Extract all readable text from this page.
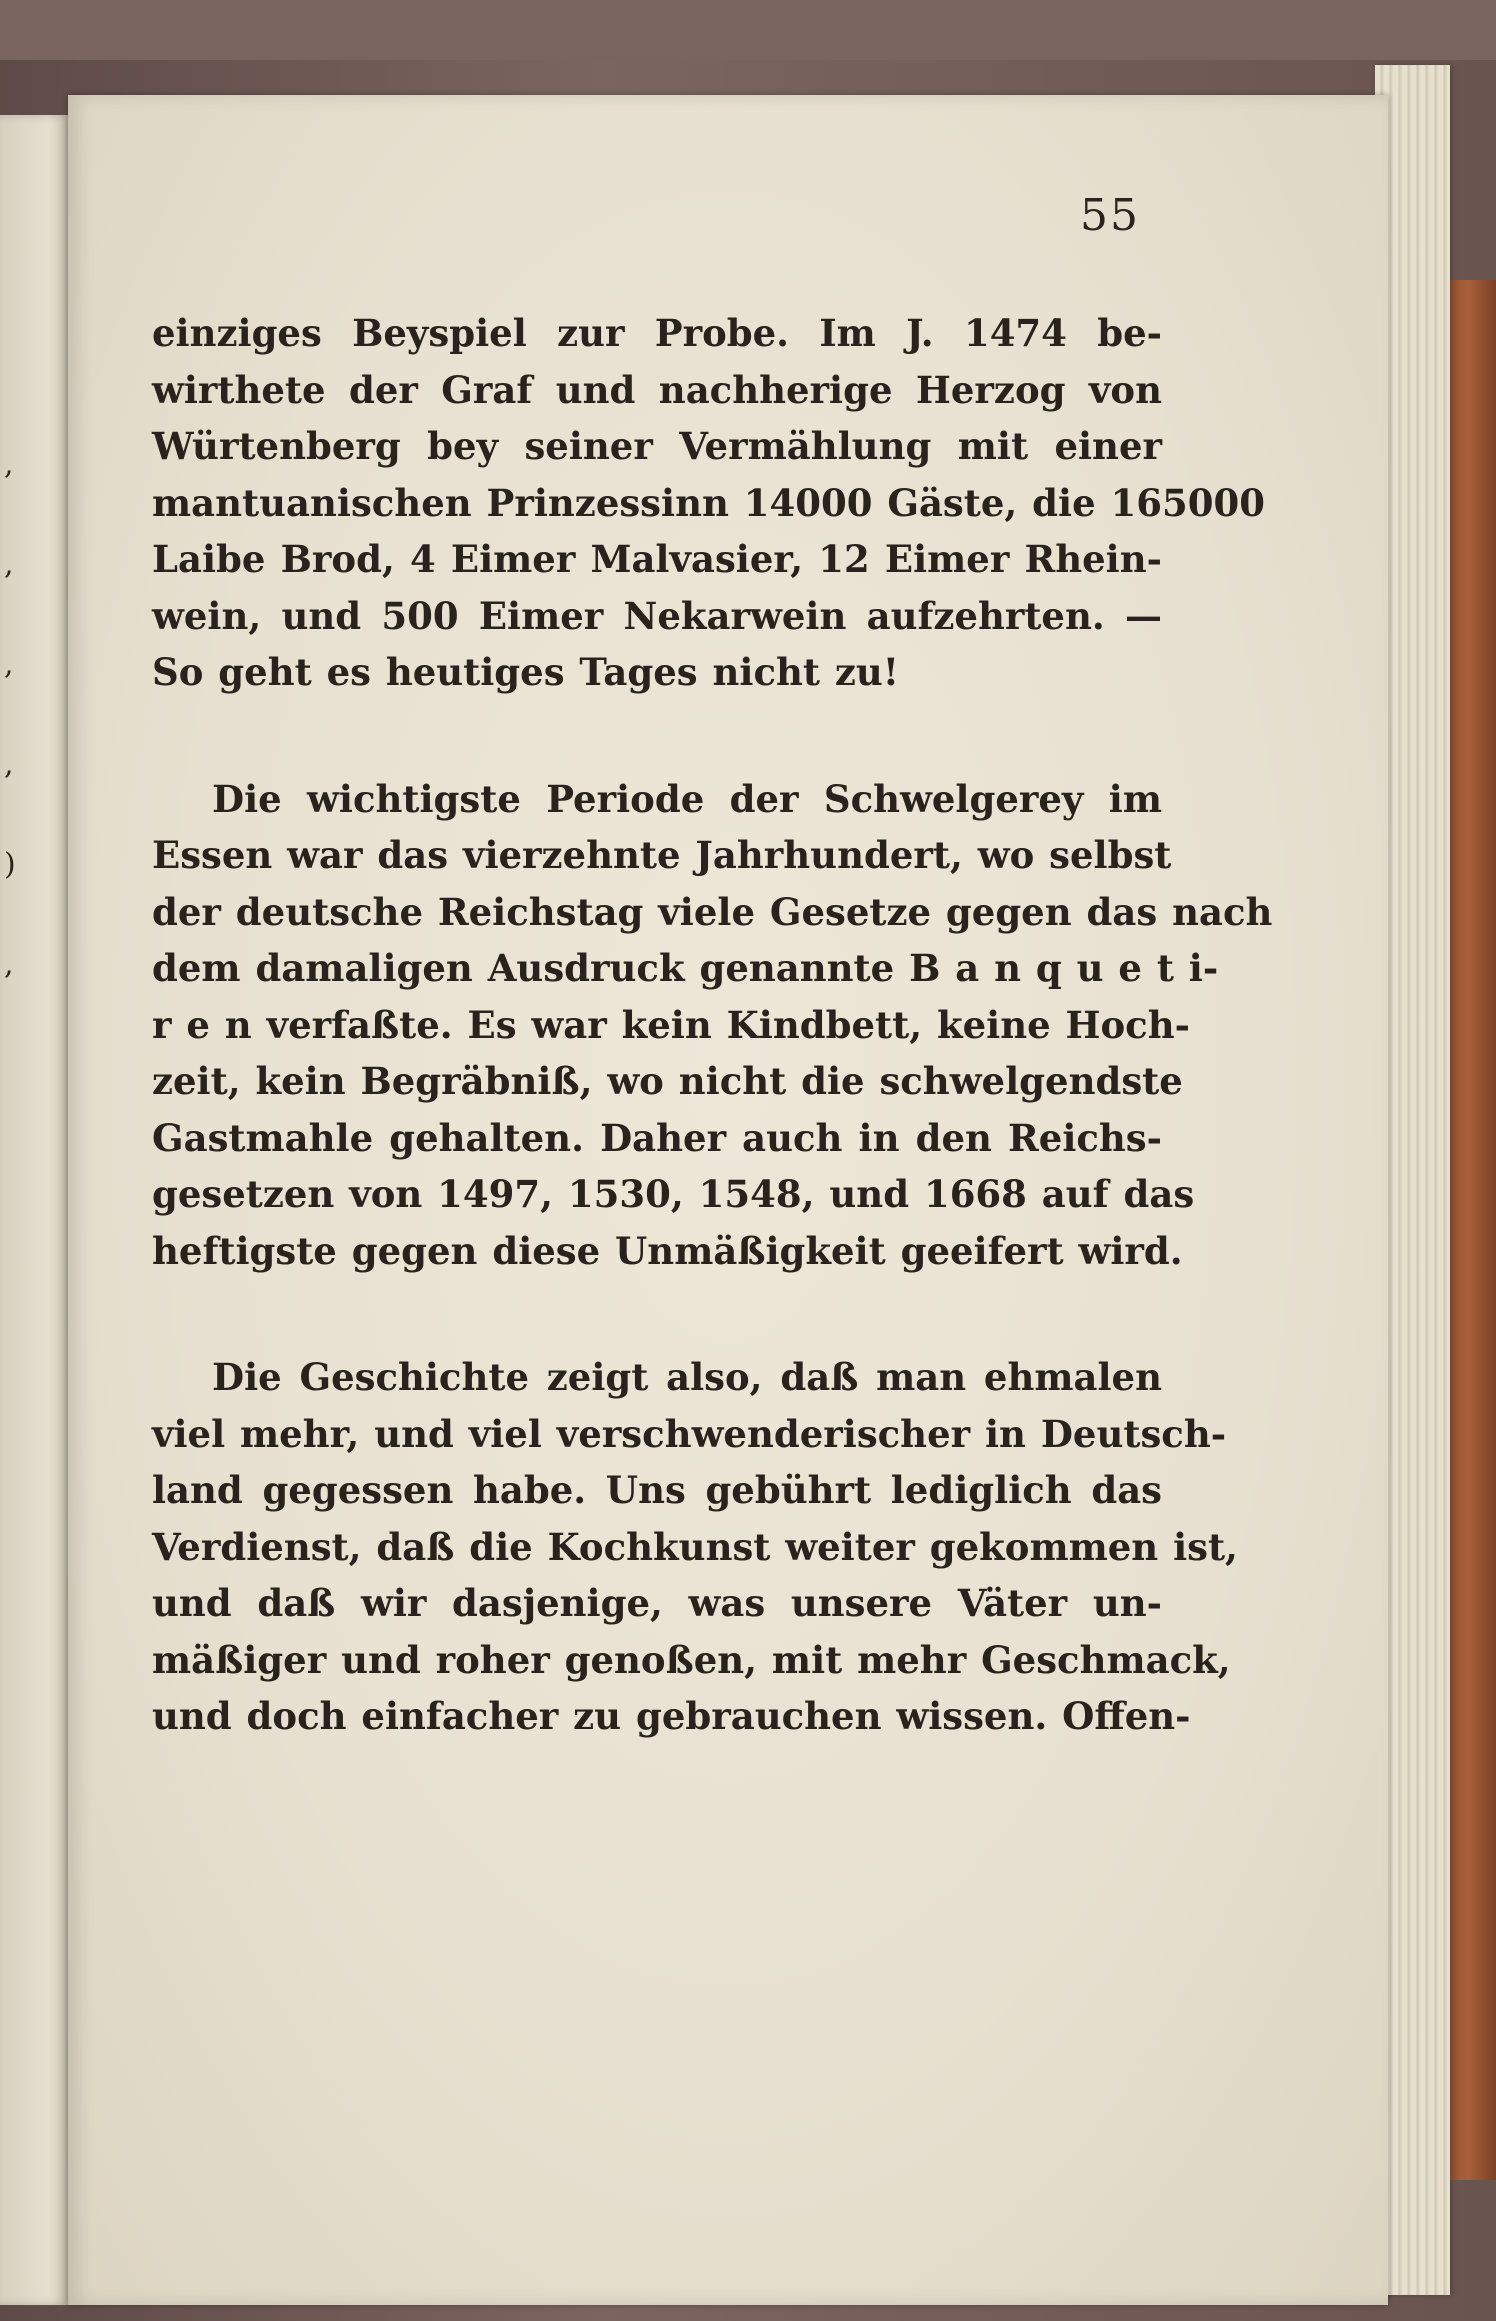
,
,
,
,
)
,
55
einziges Beyspiel zur Probe. Im J. 1474 be-
wirthete der Graf und nachherige Herzog von
Würtenberg bey seiner Vermählung mit einer
mantuanischen Prinzessinn 14000 Gäste, die 165000
Laibe Brod, 4 Eimer Malvasier, 12 Eimer Rhein-
wein, und 500 Eimer Nekarwein aufzehrten. —
So geht es heutiges Tages nicht zu!
Die wichtigste Periode der Schwelgerey im
Essen war das vierzehnte Jahrhundert, wo selbst
der deutsche Reichstag viele Gesetze gegen das nach
dem damaligen Ausdruck genannte B a n q u e t i-
r e n verfaßte. Es war kein Kindbett, keine Hoch-
zeit, kein Begräbniß, wo nicht die schwelgendste
Gastmahle gehalten. Daher auch in den Reichs-
gesetzen von 1497, 1530, 1548, und 1668 auf das
heftigste gegen diese Unmäßigkeit geeifert wird.
Die Geschichte zeigt also, daß man ehmalen
viel mehr, und viel verschwenderischer in Deutsch-
land gegessen habe. Uns gebührt lediglich das
Verdienst, daß die Kochkunst weiter gekommen ist,
und daß wir dasjenige, was unsere Väter un-
mäßiger und roher genoßen, mit mehr Geschmack,
und doch einfacher zu gebrauchen wissen. Offen-
